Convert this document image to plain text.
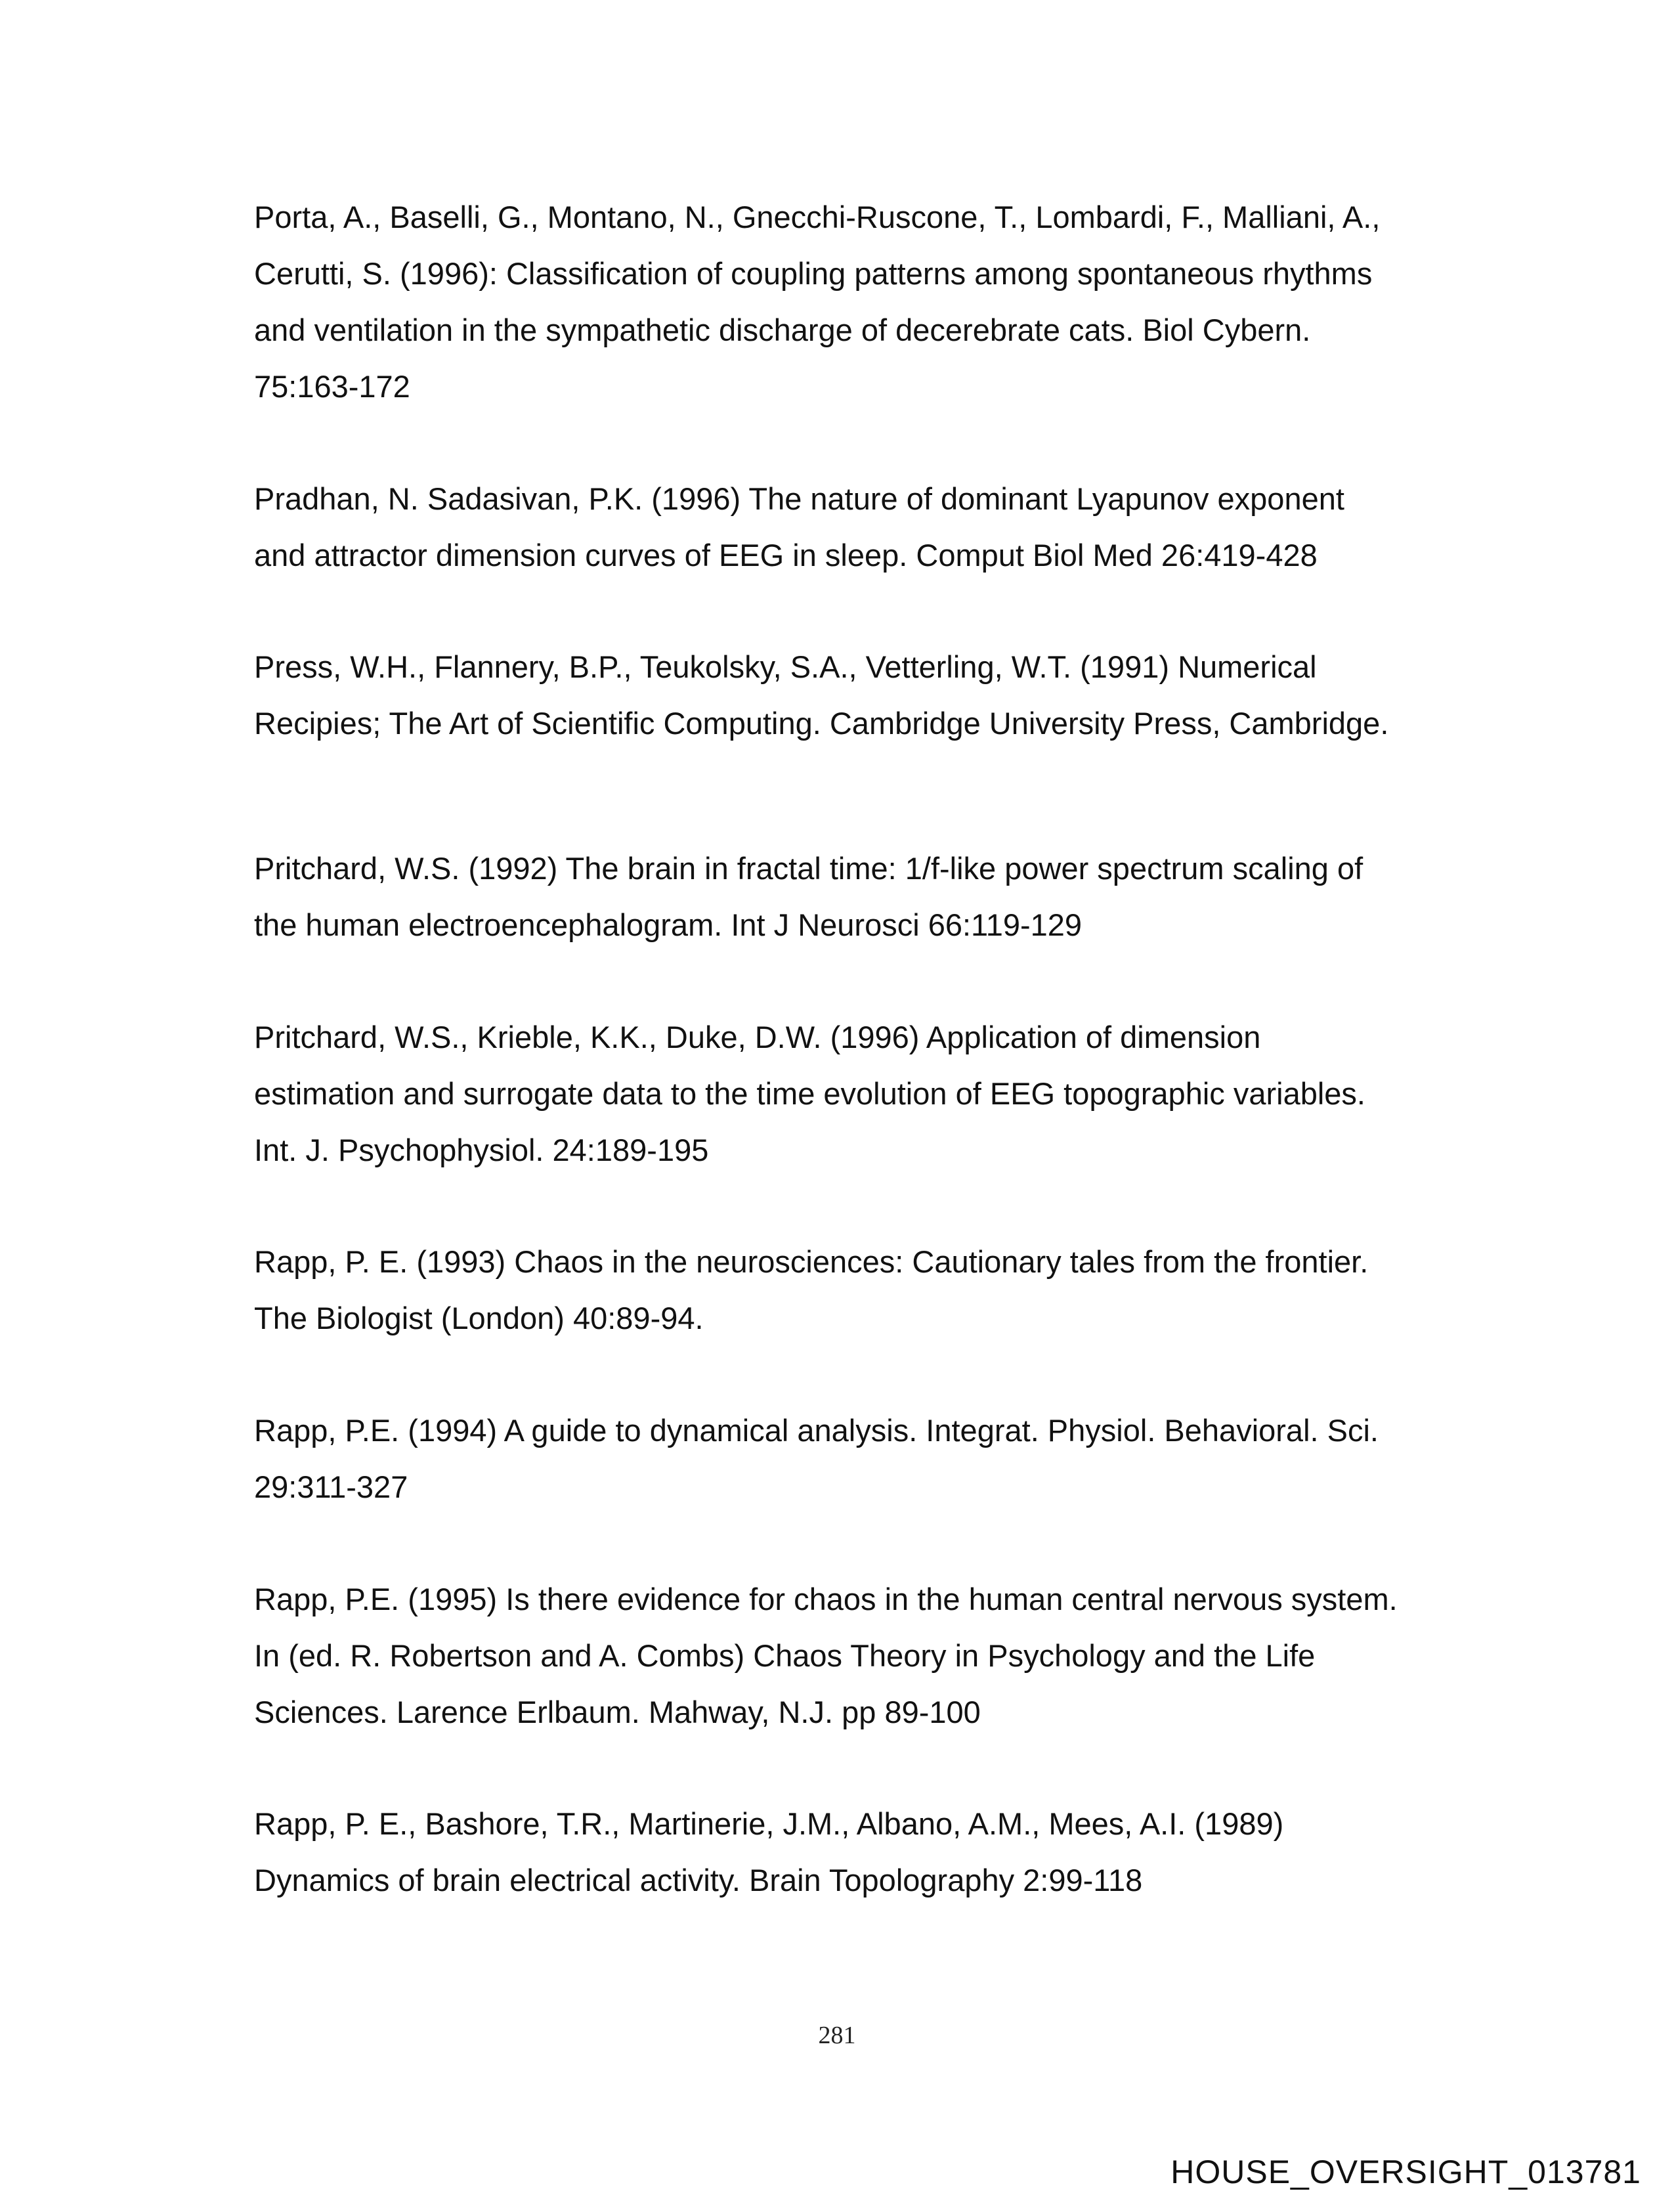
Porta, A., Baselli, G., Montano, N., Gnecchi-Ruscone, T., Lombardi, F., Malliani, A.,
Cerutti, S. (1996): Classification of coupling patterns among spontaneous rhythms
and ventilation in the sympathetic discharge of decerebrate cats. Biol Cybern.
75:163-172

Pradhan, N. Sadasivan, P.K. (1996) The nature of dominant Lyapunov exponent
and attractor dimension curves of EEG in sleep. Comput Biol Med 26:419-428

Press, W.H., Flannery, B.P., Teukolsky, S.A., Vetterling, W.T. (1991) Numerical
Recipies; The Art of Scientific Computing. Cambridge University Press, Cambridge.

Pritchard, W.S. (1992) The brain in fractal time: 1/f-like power spectrum scaling of
the human electroencephalogram. Int J Neurosci 66:119-129

Pritchard, W.S., Krieble, K.K., Duke, D.W. (1996) Application of dimension
estimation and surrogate data to the time evolution of EEG topographic variables.
Int. J. Psychophysiol. 24:189-195

Rapp, P. E. (1993) Chaos in the neurosciences: Cautionary tales from the frontier.
The Biologist (London) 40:89-94.

Rapp, P.E. (1994) A guide to dynamical analysis. Integrat. Physiol. Behavioral. Sci.
29:311-327

Rapp, P.E. (1995) Is there evidence for chaos in the human central nervous system.
In (ed. R. Robertson and A. Combs) Chaos Theory in Psychology and the Life
Sciences. Larence Erlbaum. Mahway, N.J. pp 89-100

Rapp, P. E., Bashore, T.R., Martinerie, J.M., Albano, A.M., Mees, A.I. (1989)
Dynamics of brain electrical activity. Brain Topolography 2:99-118

281
HOUSE_OVERSIGHT_013781
